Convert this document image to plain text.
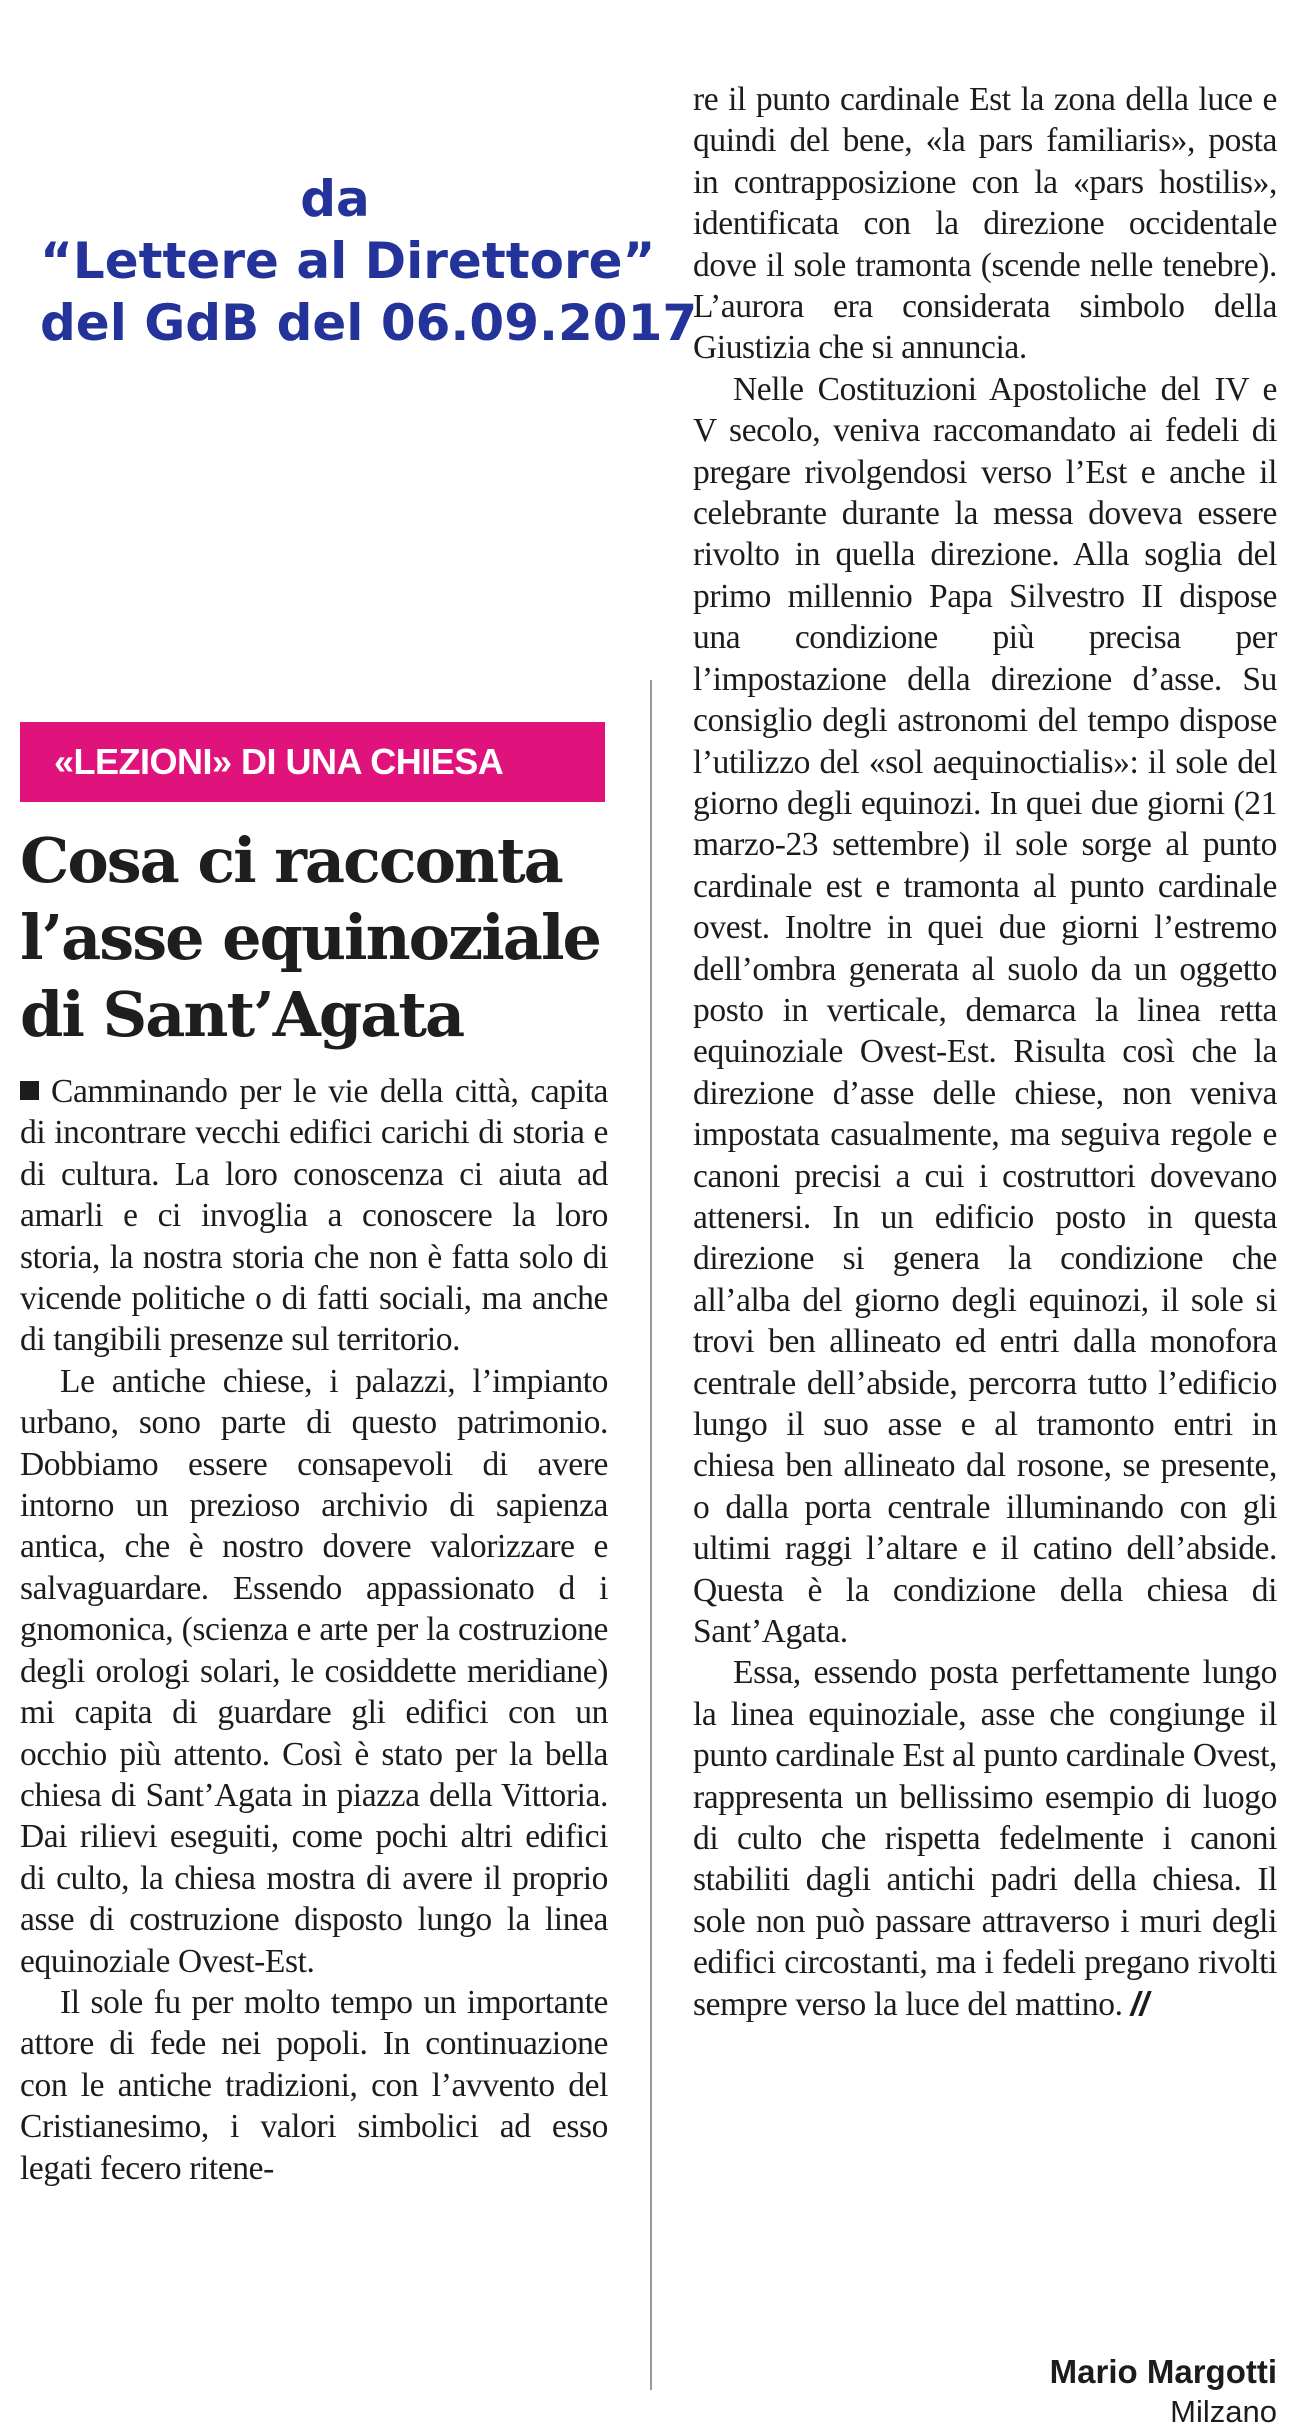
da
“Lettere al Direttore”
del GdB del 06.09.2017
«LEZIONI» DI UNA CHIESA
Cosa ci racconta
l’asse equinoziale
di Sant’Agata

Camminando per le vie della città, capita di incontrare vecchi edifici carichi di storia e di cultura. La loro conoscenza ci aiuta ad amarli e ci invoglia a conoscere la loro storia, la nostra storia che non è fatta solo di vicende politiche o di fatti sociali, ma anche di tangibili presenze sul territorio.

Le antiche chiese, i palazzi, l’impianto urbano, sono parte di questo patrimonio. Dobbiamo essere consapevoli di avere intorno un prezioso archivio di sapienza antica, che è nostro dovere valorizzare e salvaguardare. Essendo appassionato d i gnomonica, (scienza e arte per la costruzione degli orologi solari, le cosiddette meridiane) mi capita di guardare gli edifici con un occhio più attento. Così è stato per la bella chiesa di Sant’Agata in piazza della Vittoria. Dai rilievi eseguiti, come pochi altri edifici di culto, la chiesa mostra di avere il proprio asse di costruzione disposto lungo la linea equinoziale Ovest-Est.

Il sole fu per molto tempo un importante attore di fede nei popoli. In continuazione con le antiche tradizioni, con l’avvento del Cristianesimo, i valori simbolici ad esso legati fecero ritene-

re il punto cardinale Est la zona della luce e quindi del bene, «la pars familiaris», posta in contrapposizione con la «pars hostilis», identificata con la direzione occidentale dove il sole tramonta (scende nelle tenebre). L’aurora era considerata simbolo della Giustizia che si annuncia.

Nelle Costituzioni Apostoliche del IV e V secolo, veniva raccomandato ai fedeli di pregare rivolgendosi verso l’Est e anche il celebrante durante la messa doveva essere rivolto in quella direzione. Alla soglia del primo millennio Papa Silvestro II dispose una condizione più precisa per l’impostazione della direzione d’asse. Su consiglio degli astronomi del tempo dispose l’utilizzo del «sol aequinoctialis»: il sole del giorno degli equinozi. In quei due giorni (21 marzo-23 settembre) il sole sorge al punto cardinale est e tramonta al punto cardinale ovest. Inoltre in quei due giorni l’estremo dell’ombra generata al suolo da un oggetto posto in verticale, demarca la linea retta equinoziale Ovest-Est. Risulta così che la direzione d’asse delle chiese, non veniva impostata casualmente, ma seguiva regole e canoni precisi a cui i costruttori dovevano attenersi. In un edificio posto in questa direzione si genera la condizione che all’alba del giorno degli equinozi, il sole si trovi ben allineato ed entri dalla monofora centrale dell’abside, percorra tutto l’edificio lungo il suo asse e al tramonto entri in chiesa ben allineato dal rosone, se presente, o dalla porta centrale illuminando con gli ultimi raggi l’altare e il catino dell’abside. Questa è la condizione della chiesa di Sant’Agata.

Essa, essendo posta perfettamente lungo la linea equinoziale, asse che congiunge il punto cardinale Est al punto cardinale Ovest, rappresenta un bellissimo esempio di luogo di culto che rispetta fedelmente i canoni stabiliti dagli antichi padri della chiesa. Il sole non può passare attraverso i muri degli edifici circostanti, ma i fedeli pregano rivolti sempre verso la luce del mattino. //

Mario Margotti
Milzano
